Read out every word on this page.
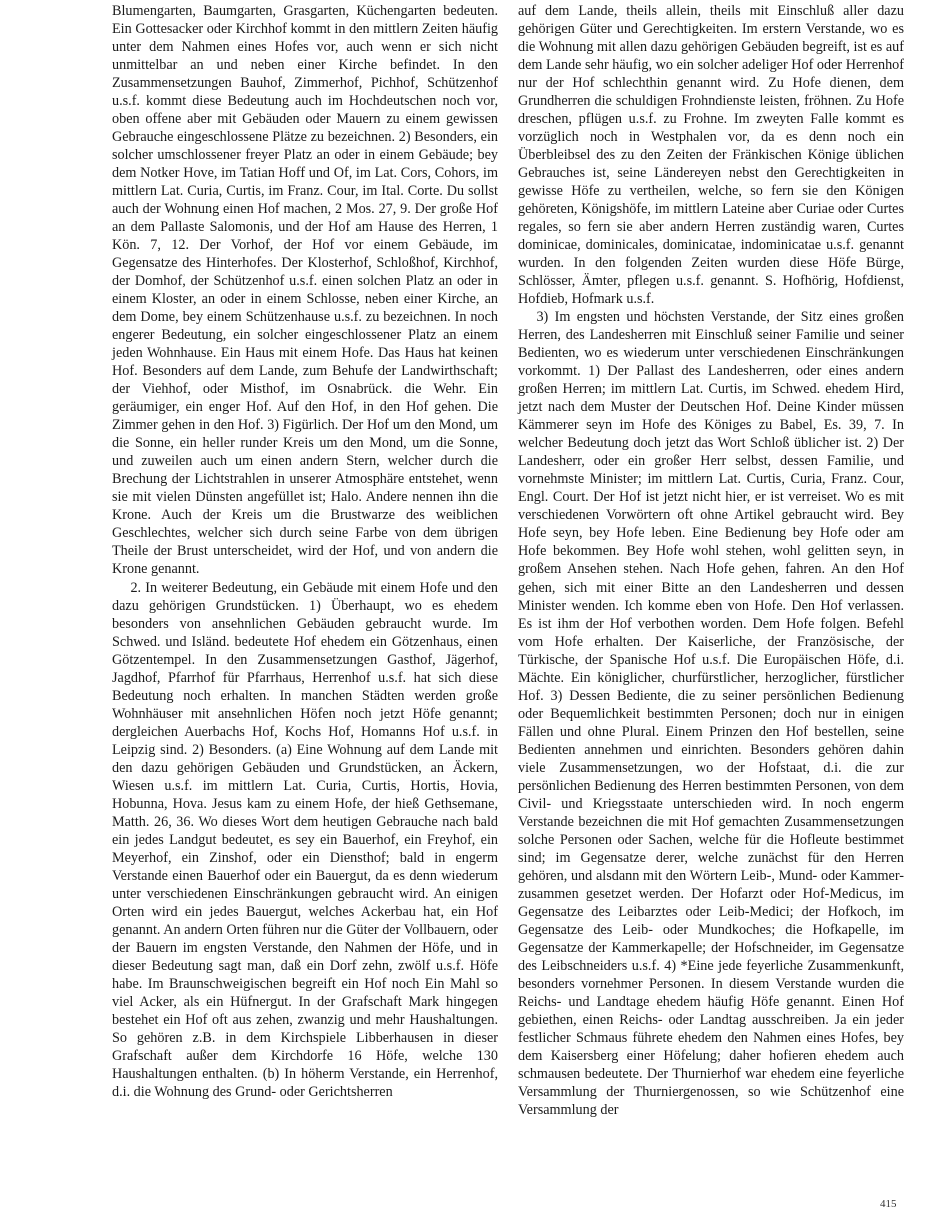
Blumengarten, Baumgarten, Grasgarten, Küchengarten bedeuten. Ein Gottesacker oder Kirchhof kommt in den mittlern Zeiten häufig unter dem Nahmen eines Hofes vor, auch wenn er sich nicht unmittelbar an und neben einer Kirche befindet. In den Zusammensetzungen Bauhof, Zimmerhof, Pichhof, Schützenhof u.s.f. kommt diese Bedeutung auch im Hochdeutschen noch vor, oben offene aber mit Gebäuden oder Mauern zu einem gewissen Gebrauche eingeschlossene Plätze zu bezeichnen. 2) Besonders, ein solcher umschlossener freyer Platz an oder in einem Gebäude; bey dem Notker Hove, im Tatian Hoff und Of, im Lat. Cors, Cohors, im mittlern Lat. Curia, Curtis, im Franz. Cour, im Ital. Corte. Du sollst auch der Wohnung einen Hof machen, 2 Mos. 27, 9. Der große Hof an dem Pallaste Salomonis, und der Hof am Hause des Herren, 1 Kön. 7, 12. Der Vorhof, der Hof vor einem Gebäude, im Gegensatze des Hinterhofes. Der Klosterhof, Schloßhof, Kirchhof, der Domhof, der Schützenhof u.s.f. einen solchen Platz an oder in einem Kloster, an oder in einem Schlosse, neben einer Kirche, an dem Dome, bey einem Schützenhause u.s.f. zu bezeichnen. In noch engerer Bedeutung, ein solcher eingeschlossener Platz an einem jeden Wohnhause. Ein Haus mit einem Hofe. Das Haus hat keinen Hof. Besonders auf dem Lande, zum Behufe der Landwirthschaft; der Viehhof, oder Misthof, im Osnabrück. die Wehr. Ein geräumiger, ein enger Hof. Auf den Hof, in den Hof gehen. Die Zimmer gehen in den Hof. 3) Figürlich. Der Hof um den Mond, um die Sonne, ein heller runder Kreis um den Mond, um die Sonne, und zuweilen auch um einen andern Stern, welcher durch die Brechung der Lichtstrahlen in unserer Atmosphäre entstehet, wenn sie mit vielen Dünsten angefüllet ist; Halo. Andere nennen ihn die Krone. Auch der Kreis um die Brustwarze des weiblichen Geschlechtes, welcher sich durch seine Farbe von dem übrigen Theile der Brust unterscheidet, wird der Hof, und von andern die Krone genannt.

2. In weiterer Bedeutung, ein Gebäude mit einem Hofe und den dazu gehörigen Grundstücken. 1) Überhaupt, wo es ehedem besonders von ansehnlichen Gebäuden gebraucht wurde. Im Schwed. und Isländ. bedeutete Hof ehedem ein Götzenhaus, einen Götzentempel. In den Zusammensetzungen Gasthof, Jägerhof, Jagdhof, Pfarrhof für Pfarrhaus, Herrenhof u.s.f. hat sich diese Bedeutung noch erhalten. In manchen Städten werden große Wohnhäuser mit ansehnlichen Höfen noch jetzt Höfe genannt; dergleichen Auerbachs Hof, Kochs Hof, Homanns Hof u.s.f. in Leipzig sind. 2) Besonders. (a) Eine Wohnung auf dem Lande mit den dazu gehörigen Gebäuden und Grundstücken, an Äckern, Wiesen u.s.f. im mittlern Lat. Curia, Curtis, Hortis, Hovia, Hobunna, Hova. Jesus kam zu einem Hofe, der hieß Gethsemane, Matth. 26, 36. Wo dieses Wort dem heutigen Gebrauche nach bald ein jedes Landgut bedeutet, es sey ein Bauerhof, ein Freyhof, ein Meyerhof, ein Zinshof, oder ein Diensthof; bald in engerm Verstande einen Bauerhof oder ein Bauergut, da es denn wiederum unter verschiedenen Einschränkungen gebraucht wird. An einigen Orten wird ein jedes Bauergut, welches Ackerbau hat, ein Hof genannt. An andern Orten führen nur die Güter der Vollbauern, oder der Bauern im engsten Verstande, den Nahmen der Höfe, und in dieser Bedeutung sagt man, daß ein Dorf zehn, zwölf u.s.f. Höfe habe. Im Braunschweigischen begreift ein Hof noch Ein Mahl so viel Acker, als ein Hüfnergut. In der Grafschaft Mark hingegen bestehet ein Hof oft aus zehen, zwanzig und mehr Haushaltungen. So gehören z.B. in dem Kirchspiele Libberhausen in dieser Grafschaft außer dem Kirchdorfe 16 Höfe, welche 130 Haushaltungen enthalten. (b) In höherm Verstande, ein Herrenhof, d.i. die Wohnung des Grund- oder Gerichtsherren

auf dem Lande, theils allein, theils mit Einschluß aller dazu gehörigen Güter und Gerechtigkeiten. Im erstern Verstande, wo es die Wohnung mit allen dazu gehörigen Gebäuden begreift, ist es auf dem Lande sehr häufig, wo ein solcher adeliger Hof oder Herrenhof nur der Hof schlechthin genannt wird. Zu Hofe dienen, dem Grundherren die schuldigen Frohndienste leisten, fröhnen. Zu Hofe dreschen, pflügen u.s.f. zu Frohne. Im zweyten Falle kommt es vorzüglich noch in Westphalen vor, da es denn noch ein Überbleibsel des zu den Zeiten der Fränkischen Könige üblichen Gebrauches ist, seine Ländereyen nebst den Gerechtigkeiten in gewisse Höfe zu vertheilen, welche, so fern sie den Königen gehöreten, Königshöfe, im mittlern Lateine aber Curiae oder Curtes regales, so fern sie aber andern Herren zuständig waren, Curtes dominicae, dominicales, dominicatae, indominicatae u.s.f. genannt wurden. In den folgenden Zeiten wurden diese Höfe Bürge, Schlösser, Ämter, pflegen u.s.f. genannt. S. Hofhörig, Hofdienst, Hofdieb, Hofmark u.s.f.

3) Im engsten und höchsten Verstande, der Sitz eines großen Herren, des Landesherren mit Einschluß seiner Familie und seiner Bedienten, wo es wiederum unter verschiedenen Einschränkungen vorkommt. 1) Der Pallast des Landesherren, oder eines andern großen Herren; im mittlern Lat. Curtis, im Schwed. ehedem Hird, jetzt nach dem Muster der Deutschen Hof. Deine Kinder müssen Kämmerer seyn im Hofe des Königes zu Babel, Es. 39, 7. In welcher Bedeutung doch jetzt das Wort Schloß üblicher ist. 2) Der Landesherr, oder ein großer Herr selbst, dessen Familie, und vornehmste Minister; im mittlern Lat. Curtis, Curia, Franz. Cour, Engl. Court. Der Hof ist jetzt nicht hier, er ist verreiset. Wo es mit verschiedenen Vorwörtern oft ohne Artikel gebraucht wird. Bey Hofe seyn, bey Hofe leben. Eine Bedienung bey Hofe oder am Hofe bekommen. Bey Hofe wohl stehen, wohl gelitten seyn, in großem Ansehen stehen. Nach Hofe gehen, fahren. An den Hof gehen, sich mit einer Bitte an den Landesherren und dessen Minister wenden. Ich komme eben von Hofe. Den Hof verlassen. Es ist ihm der Hof verbothen worden. Dem Hofe folgen. Befehl vom Hofe erhalten. Der Kaiserliche, der Französische, der Türkische, der Spanische Hof u.s.f. Die Europäischen Höfe, d.i. Mächte. Ein königlicher, churfürstlicher, herzoglicher, fürstlicher Hof. 3) Dessen Bediente, die zu seiner persönlichen Bedienung oder Bequemlichkeit bestimmten Personen; doch nur in einigen Fällen und ohne Plural. Einem Prinzen den Hof bestellen, seine Bedienten annehmen und einrichten. Besonders gehören dahin viele Zusammensetzungen, wo der Hofstaat, d.i. die zur persönlichen Bedienung des Herren bestimmten Personen, von dem Civil- und Kriegsstaate unterschieden wird. In noch engerm Verstande bezeichnen die mit Hof gemachten Zusammensetzungen solche Personen oder Sachen, welche für die Hofleute bestimmet sind; im Gegensatze derer, welche zunächst für den Herren gehören, und alsdann mit den Wörtern Leib-, Mund- oder Kammer- zusammen gesetzet werden. Der Hofarzt oder Hof-Medicus, im Gegensatze des Leibarztes oder Leib-Medici; der Hofkoch, im Gegensatze des Leib- oder Mundkoches; die Hofkapelle, im Gegensatze der Kammerkapelle; der Hofschneider, im Gegensatze des Leibschneiders u.s.f. 4) *Eine jede feyerliche Zusammenkunft, besonders vornehmer Personen. In diesem Verstande wurden die Reichs- und Landtage ehedem häufig Höfe genannt. Einen Hof gebiethen, einen Reichs- oder Landtag ausschreiben. Ja ein jeder festlicher Schmaus führete ehedem den Nahmen eines Hofes, bey dem Kaisersberg einer Höfelung; daher hofieren ehedem auch schmausen bedeutete. Der Thurnierhof war ehedem eine feyerliche Versammlung der Thurniergenossen, so wie Schützenhof eine Versammlung der

415
